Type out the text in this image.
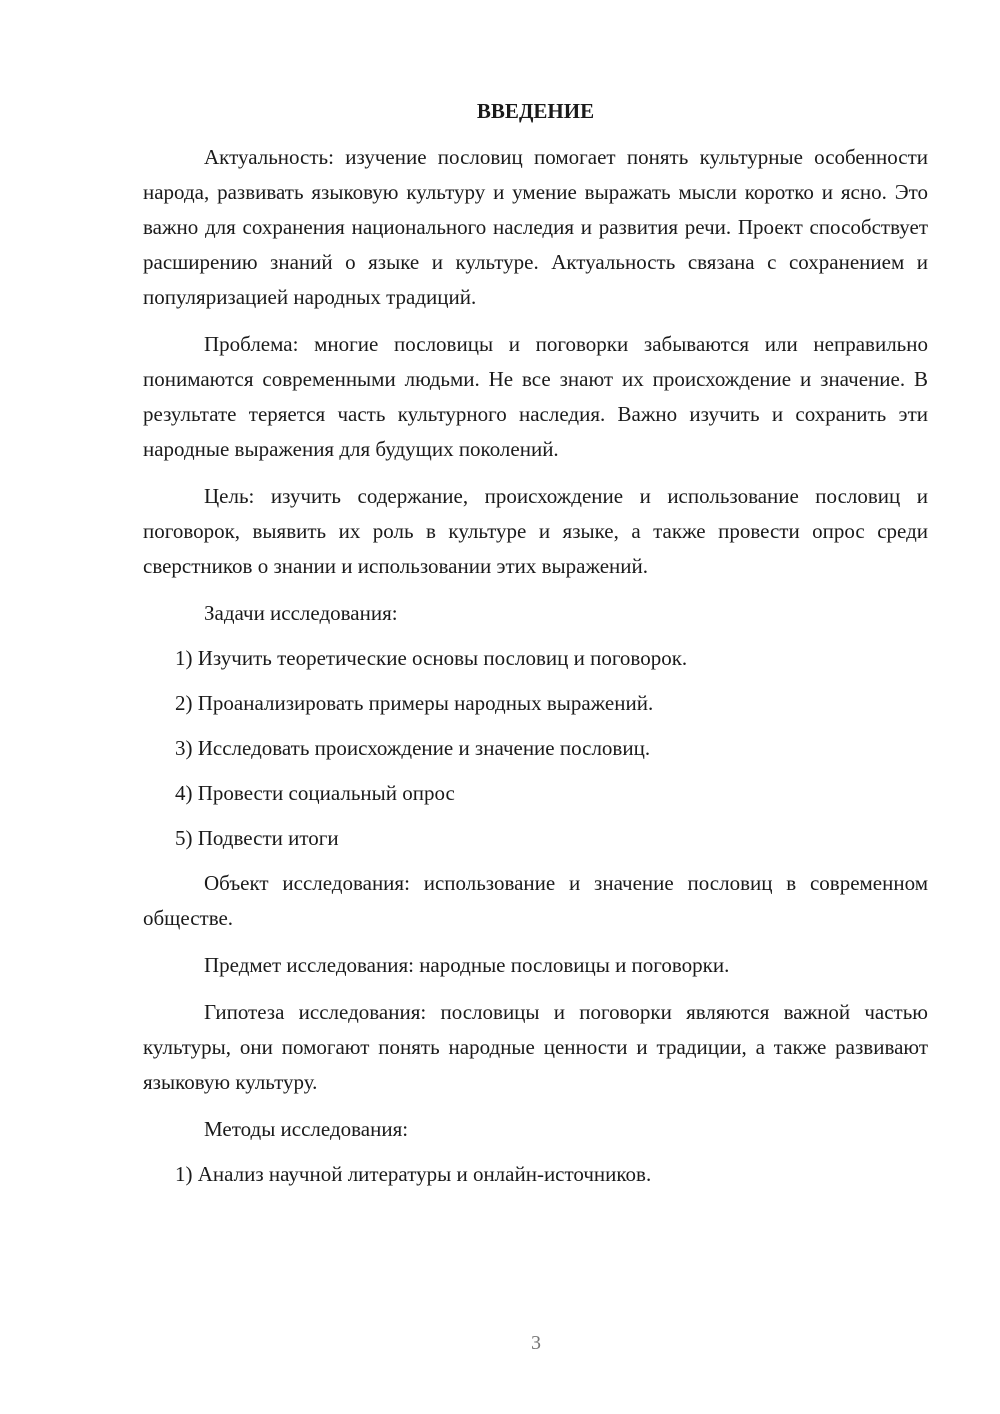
ВВЕДЕНИЕ

Актуальность: изучение пословиц помогает понять культурные особенности народа, развивать языковую культуру и умение выражать мысли коротко и ясно. Это важно для сохранения национального наследия и развития речи. Проект способствует расширению знаний о языке и культуре. Актуальность связана с сохранением и популяризацией народных традиций.

Проблема: многие пословицы и поговорки забываются или неправильно понимаются современными людьми. Не все знают их происхождение и значение. В результате теряется часть культурного наследия. Важно изучить и сохранить эти народные выражения для будущих поколений.

Цель: изучить содержание, происхождение и использование пословиц и поговорок, выявить их роль в культуре и языке, а также провести опрос среди сверстников о знании и использовании этих выражений.

Задачи исследования:

1) Изучить теоретические основы пословиц и поговорок.
2) Проанализировать примеры народных выражений.
3) Исследовать происхождение и значение пословиц.
4) Провести социальный опрос
5) Подвести итоги

Объект исследования: использование и значение пословиц в современном обществе.

Предмет исследования: народные пословицы и поговорки.

Гипотеза исследования: пословицы и поговорки являются важной частью культуры, они помогают понять народные ценности и традиции, а также развивают языковую культуру.

Методы исследования:

1) Анализ научной литературы и онлайн-источников.
3
